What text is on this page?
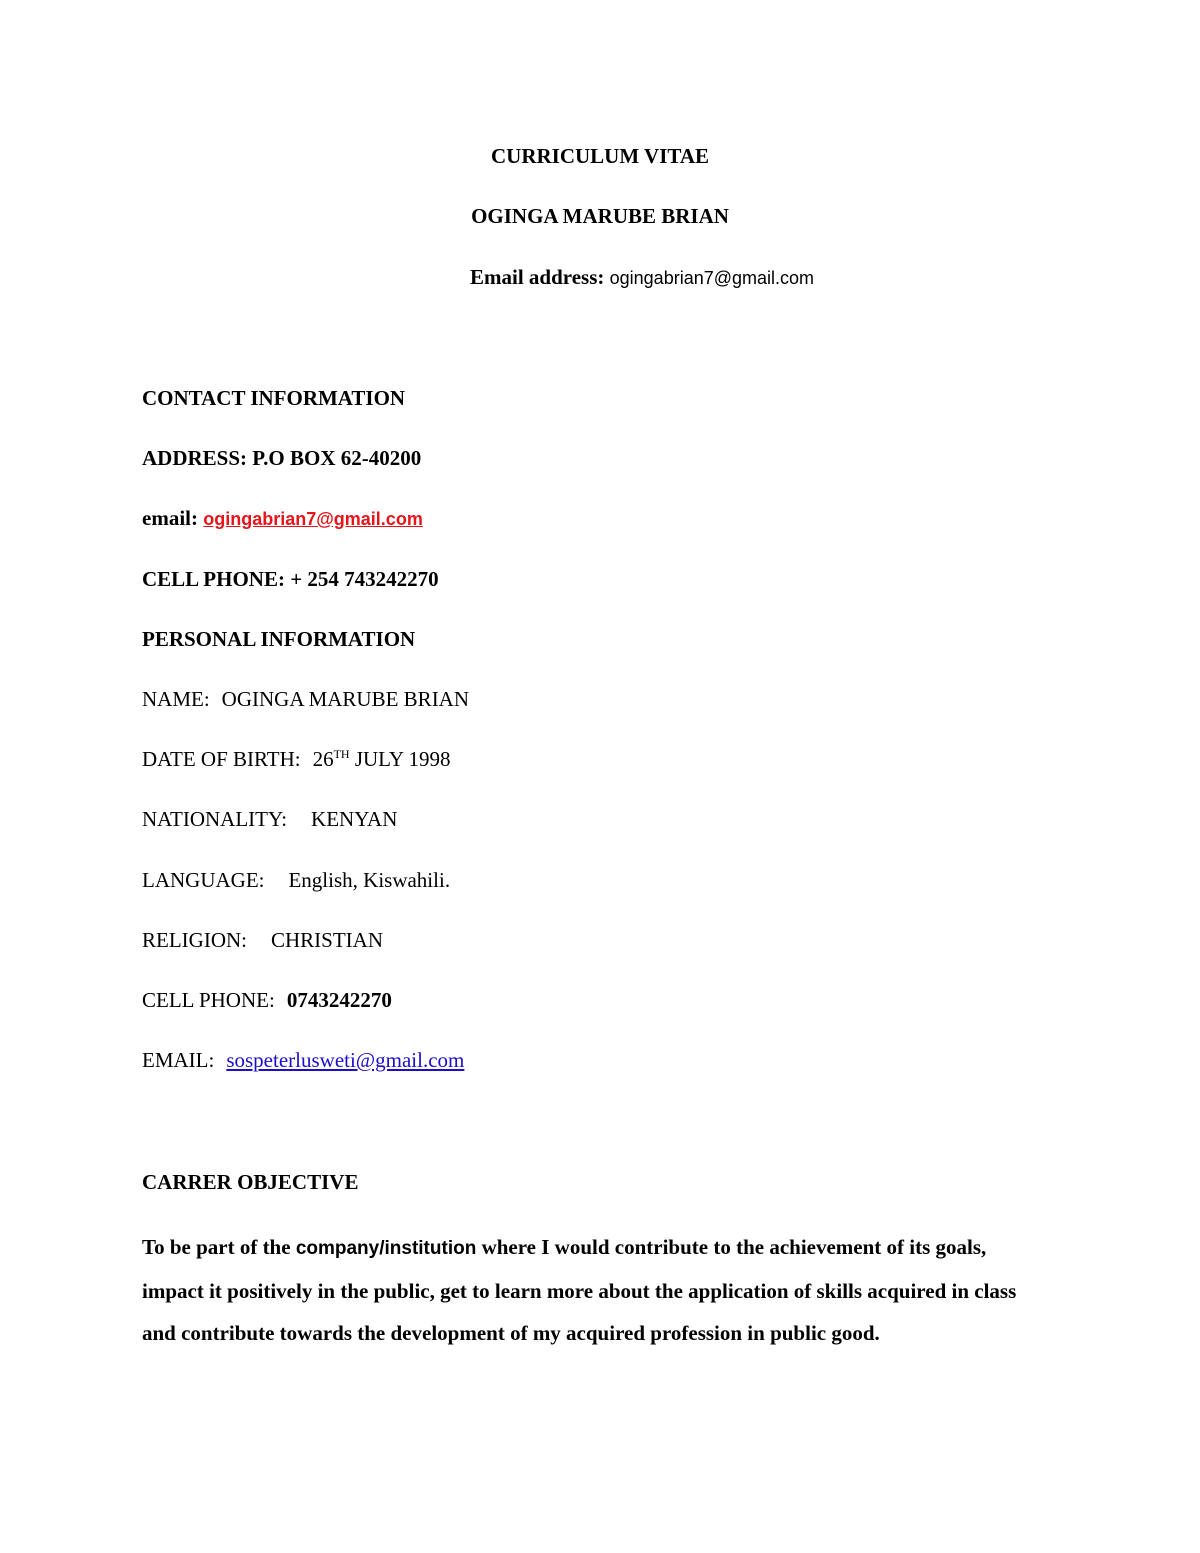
CURRICULUM VITAE
OGINGA MARUBE BRIAN
Email address: ogingabrian7@gmail.com
CONTACT INFORMATION
ADDRESS: P.O BOX 62-40200
email: ogingabrian7@gmail.com
CELL PHONE: + 254 743242270
PERSONAL INFORMATION
NAME: OGINGA MARUBE BRIAN
DATE OF BIRTH: 26TH JULY 1998
NATIONALITY: KENYAN
LANGUAGE: English, Kiswahili.
RELIGION: CHRISTIAN
CELL PHONE: 0743242270
EMAIL: sospeterlusweti@gmail.com
CARRER OBJECTIVE
To be part of the company/institution where I would contribute to the achievement of its goals, impact it positively in the public, get to learn more about the application of skills acquired in class and contribute towards the development of my acquired profession in public good.
